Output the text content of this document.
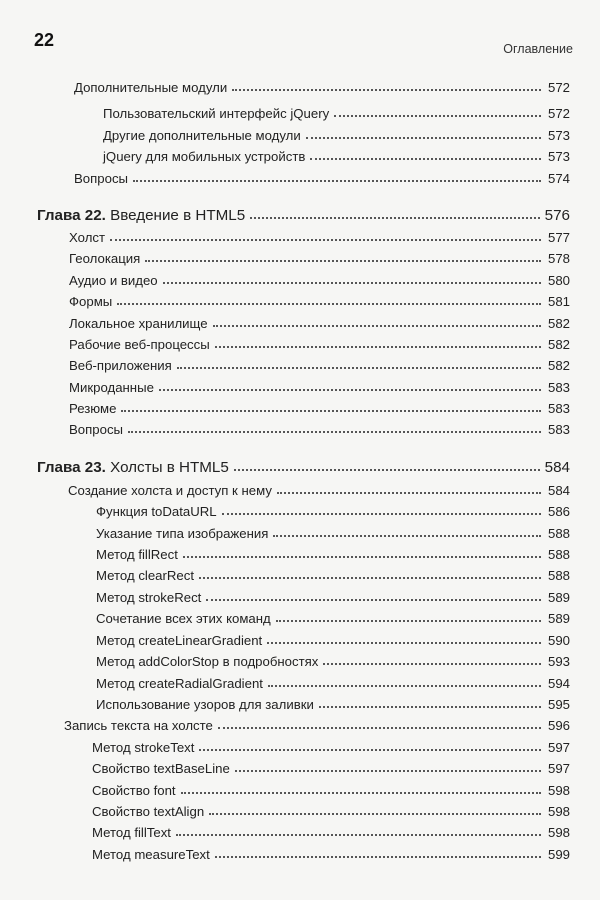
22	Оглавление
Дополнительные модули	572
Пользовательский интерфейс jQuery	572
Другие дополнительные модули	573
jQuery для мобильных устройств	573
Вопросы	574
Глава 22. Введение в HTML5	576
Холст	577
Геолокация	578
Аудио и видео	580
Формы	581
Локальное хранилище	582
Рабочие веб-процессы	582
Веб-приложения	582
Микроданные	583
Резюме	583
Вопросы	583
Глава 23. Холсты в HTML5	584
Создание холста и доступ к нему	584
Функция toDataURL	586
Указание типа изображения	588
Метод fillRect	588
Метод clearRect	588
Метод strokeRect	589
Сочетание всех этих команд	589
Метод createLinearGradient	590
Метод addColorStop в подробностях	593
Метод createRadialGradient	594
Использование узоров для заливки	595
Запись текста на холсте	596
Метод strokeText	597
Свойство textBaseLine	597
Свойство font	598
Свойство textAlign	598
Метод fillText	598
Метод measureText	599
